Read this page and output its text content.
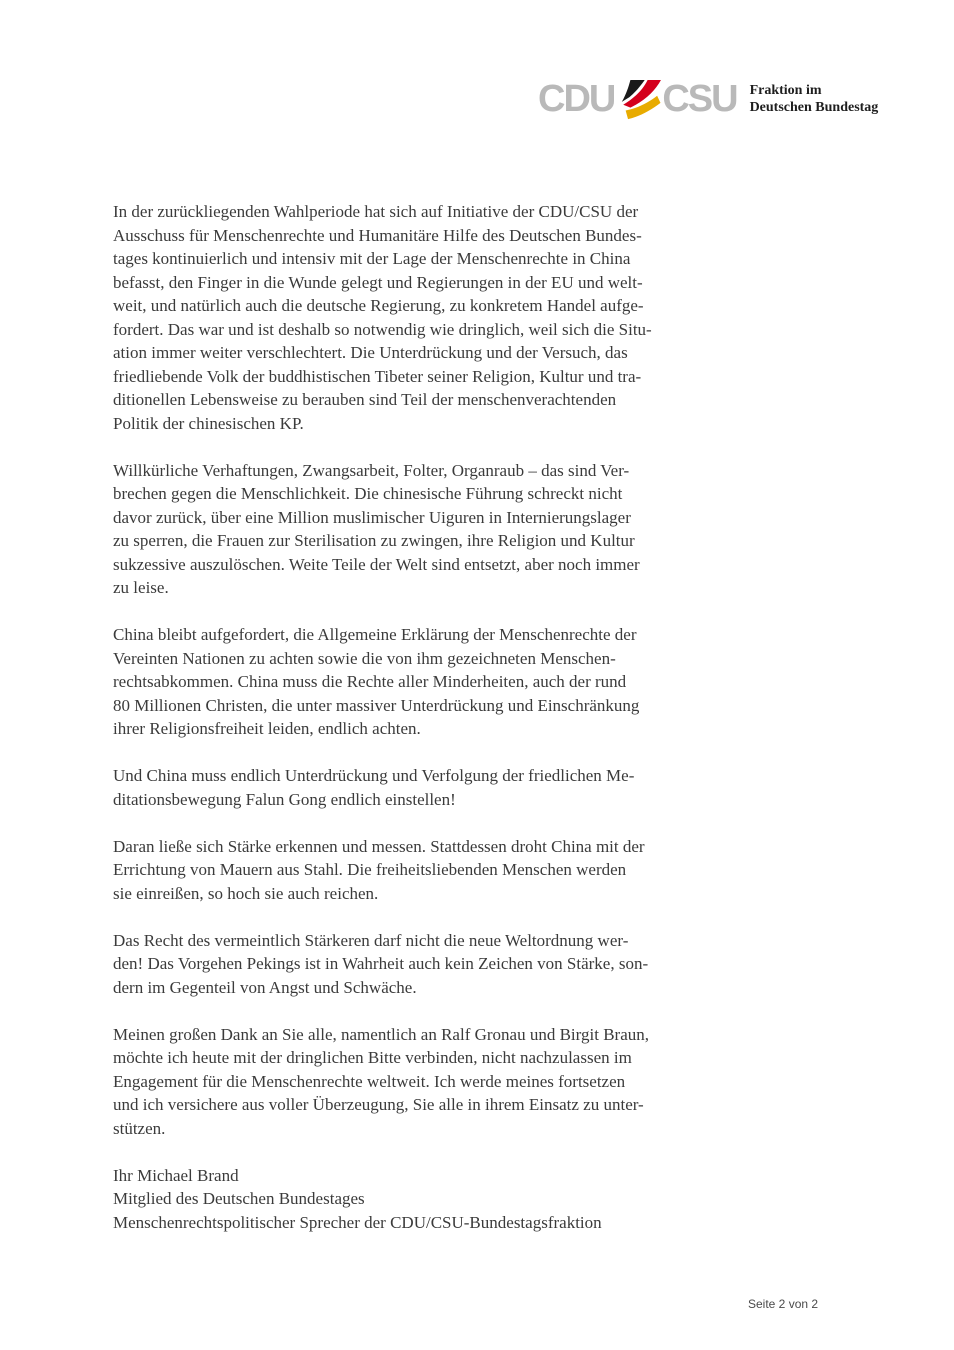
CDU CSU Fraktion im
Deutschen Bundestag

In der zurückliegenden Wahlperiode hat sich auf Initiative der CDU/CSU der
Ausschuss für Menschenrechte und Humanitäre Hilfe des Deutschen Bundes-
tages kontinuierlich und intensiv mit der Lage der Menschenrechte in China
befasst, den Finger in die Wunde gelegt und Regierungen in der EU und welt-
weit, und natürlich auch die deutsche Regierung, zu konkretem Handel aufge-
fordert. Das war und ist deshalb so notwendig wie dringlich, weil sich die Situ-
ation immer weiter verschlechtert. Die Unterdrückung und der Versuch, das
friedliebende Volk der buddhistischen Tibeter seiner Religion, Kultur und tra-
ditionellen Lebensweise zu berauben sind Teil der menschenverachtenden
Politik der chinesischen KP.

Willkürliche Verhaftungen, Zwangsarbeit, Folter, Organraub – das sind Ver-
brechen gegen die Menschlichkeit. Die chinesische Führung schreckt nicht
davor zurück, über eine Million muslimischer Uiguren in Internierungslager
zu sperren, die Frauen zur Sterilisation zu zwingen, ihre Religion und Kultur
sukzessive auszulöschen. Weite Teile der Welt sind entsetzt, aber noch immer
zu leise.

China bleibt aufgefordert, die Allgemeine Erklärung der Menschenrechte der
Vereinten Nationen zu achten sowie die von ihm gezeichneten Menschen-
rechtsabkommen. China muss die Rechte aller Minderheiten, auch der rund
80 Millionen Christen, die unter massiver Unterdrückung und Einschränkung
ihrer Religionsfreiheit leiden, endlich achten.

Und China muss endlich Unterdrückung und Verfolgung der friedlichen Me-
ditationsbewegung Falun Gong endlich einstellen!

Daran ließe sich Stärke erkennen und messen. Stattdessen droht China mit der
Errichtung von Mauern aus Stahl. Die freiheitsliebenden Menschen werden
sie einreißen, so hoch sie auch reichen.

Das Recht des vermeintlich Stärkeren darf nicht die neue Weltordnung wer-
den! Das Vorgehen Pekings ist in Wahrheit auch kein Zeichen von Stärke, son-
dern im Gegenteil von Angst und Schwäche.

Meinen großen Dank an Sie alle, namentlich an Ralf Gronau und Birgit Braun,
möchte ich heute mit der dringlichen Bitte verbinden, nicht nachzulassen im
Engagement für die Menschenrechte weltweit. Ich werde meines fortsetzen
und ich versichere aus voller Überzeugung, Sie alle in ihrem Einsatz zu unter-
stützen.

Ihr Michael Brand
Mitglied des Deutschen Bundestages
Menschenrechtspolitischer Sprecher der CDU/CSU-Bundestagsfraktion

Seite 2 von 2
